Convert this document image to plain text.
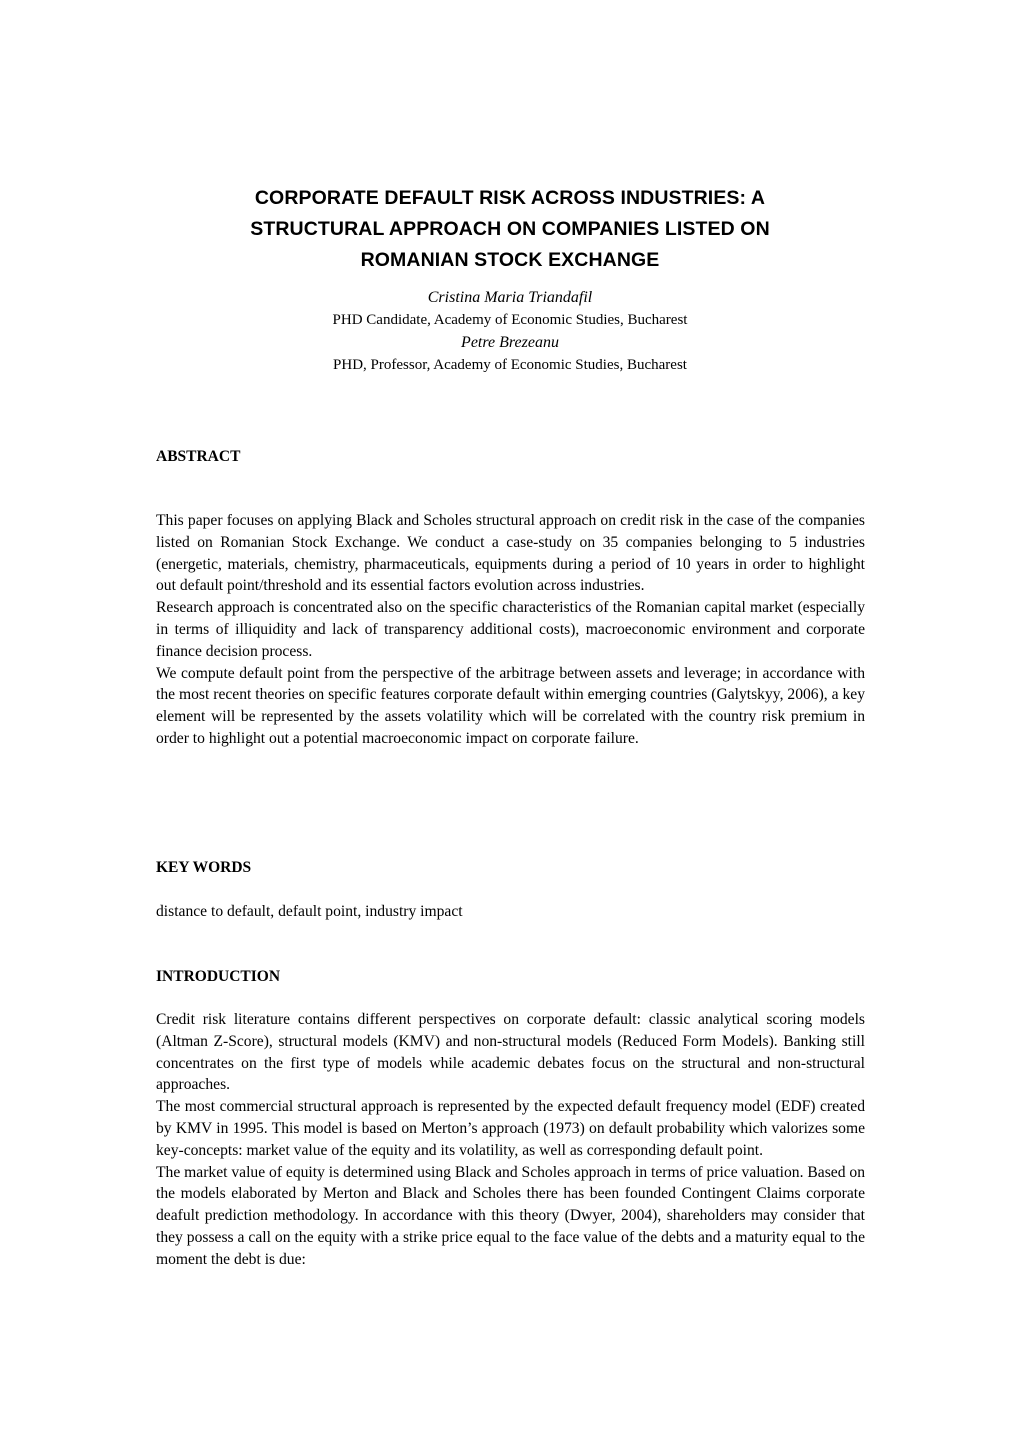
CORPORATE DEFAULT RISK ACROSS INDUSTRIES: A
STRUCTURAL APPROACH ON COMPANIES LISTED ON
ROMANIAN STOCK EXCHANGE
Cristina Maria Triandafil
PHD Candidate, Academy of Economic Studies, Bucharest
Petre Brezeanu
PHD, Professor, Academy of Economic Studies, Bucharest
ABSTRACT

This paper focuses on applying Black and Scholes structural approach on credit risk in the case of the companies listed on Romanian Stock Exchange. We conduct a case-study on 35 companies belonging to 5 industries (energetic, materials, chemistry, pharmaceuticals, equipments during a period of 10 years in order to highlight out default point/threshold and its essential factors evolution across industries.

Research approach is concentrated also on the specific characteristics of the Romanian capital market (especially in terms of illiquidity and lack of transparency additional costs), macroeconomic environment and corporate finance decision process.

We compute default point from the perspective of the arbitrage between assets and leverage; in accordance with the most recent theories on specific features corporate default within emerging countries (Galytskyy, 2006), a key element will be represented by the assets volatility which will be correlated with the country risk premium in order to highlight out a potential macroeconomic impact on corporate failure.

KEY WORDS
distance to default, default point, industry impact
INTRODUCTION

Credit risk literature contains different perspectives on corporate default: classic analytical scoring models (Altman Z-Score), structural models (KMV) and non-structural models (Reduced Form Models). Banking still concentrates on the first type of models while academic debates focus on the structural and non-structural approaches.

The most commercial structural approach is represented by the expected default frequency model (EDF) created by KMV in 1995. This model is based on Merton’s approach (1973) on default probability which valorizes some key-concepts: market value of the equity and its volatility, as well as corresponding default point.

The market value of equity is determined using Black and Scholes approach in terms of price valuation. Based on the models elaborated by Merton and Black and Scholes there has been founded Contingent Claims corporate deafult prediction methodology. In accordance with this theory (Dwyer, 2004), shareholders may consider that they possess a call on the equity with a strike price equal to the face value of the debts and a maturity equal to the moment the debt is due:
